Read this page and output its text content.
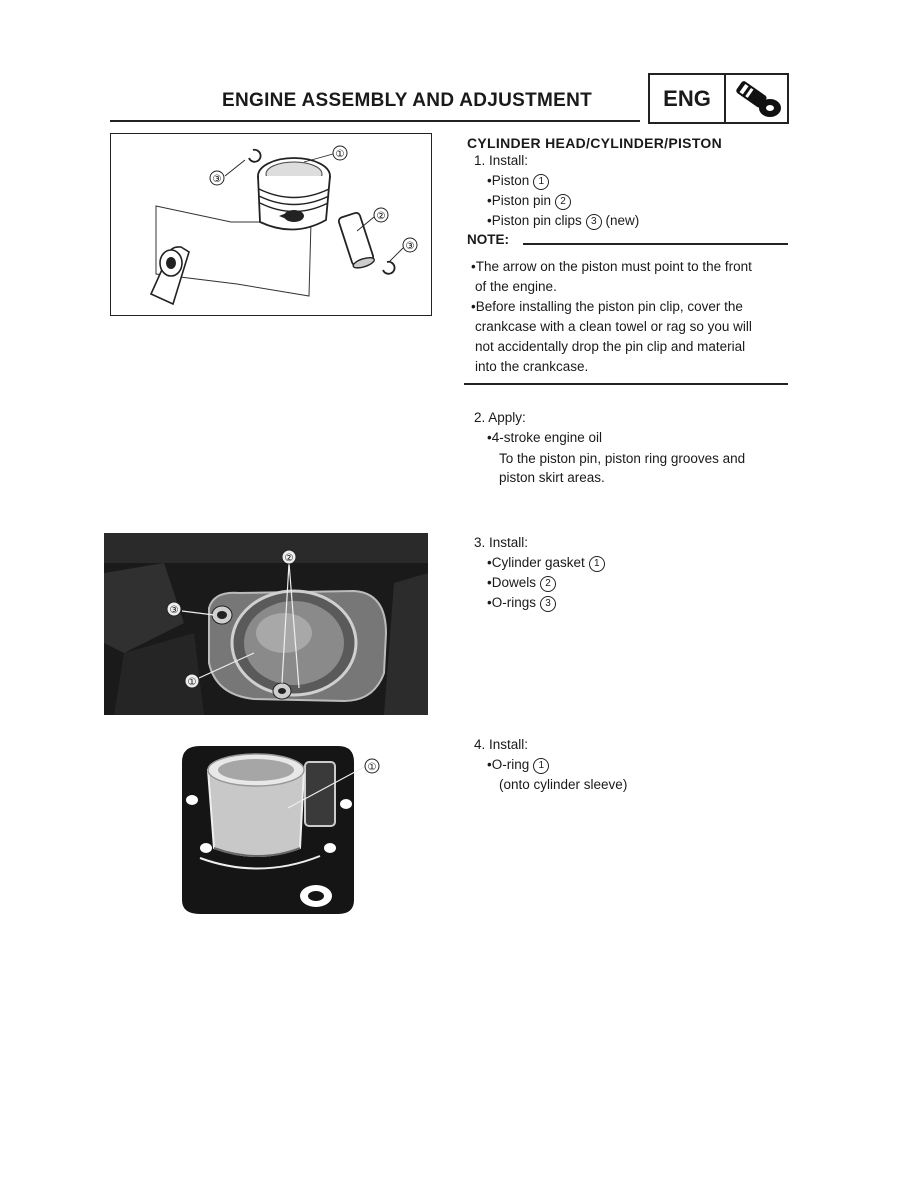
ENGINE ASSEMBLY AND ADJUSTMENT	ENG
①
②
③
③
②
③
①
①
CYLINDER HEAD/CYLINDER/PISTON
1. Install:
• Piston 1
• Piston pin 2
• Piston pin clips 3 (new)
NOTE:
•The arrow on the piston must point to the front
of the engine.
•Before installing the piston pin clip, cover the
crankcase with a clean towel or rag so you will
not accidentally drop the pin clip and material
into the crankcase.
2. Apply:
• 4-stroke engine oil
To the piston pin, piston ring grooves and
piston skirt areas.
3. Install:
• Cylinder gasket 1
• Dowels 2
• O-rings 3
4. Install:
• O-ring 1
(onto cylinder sleeve)
